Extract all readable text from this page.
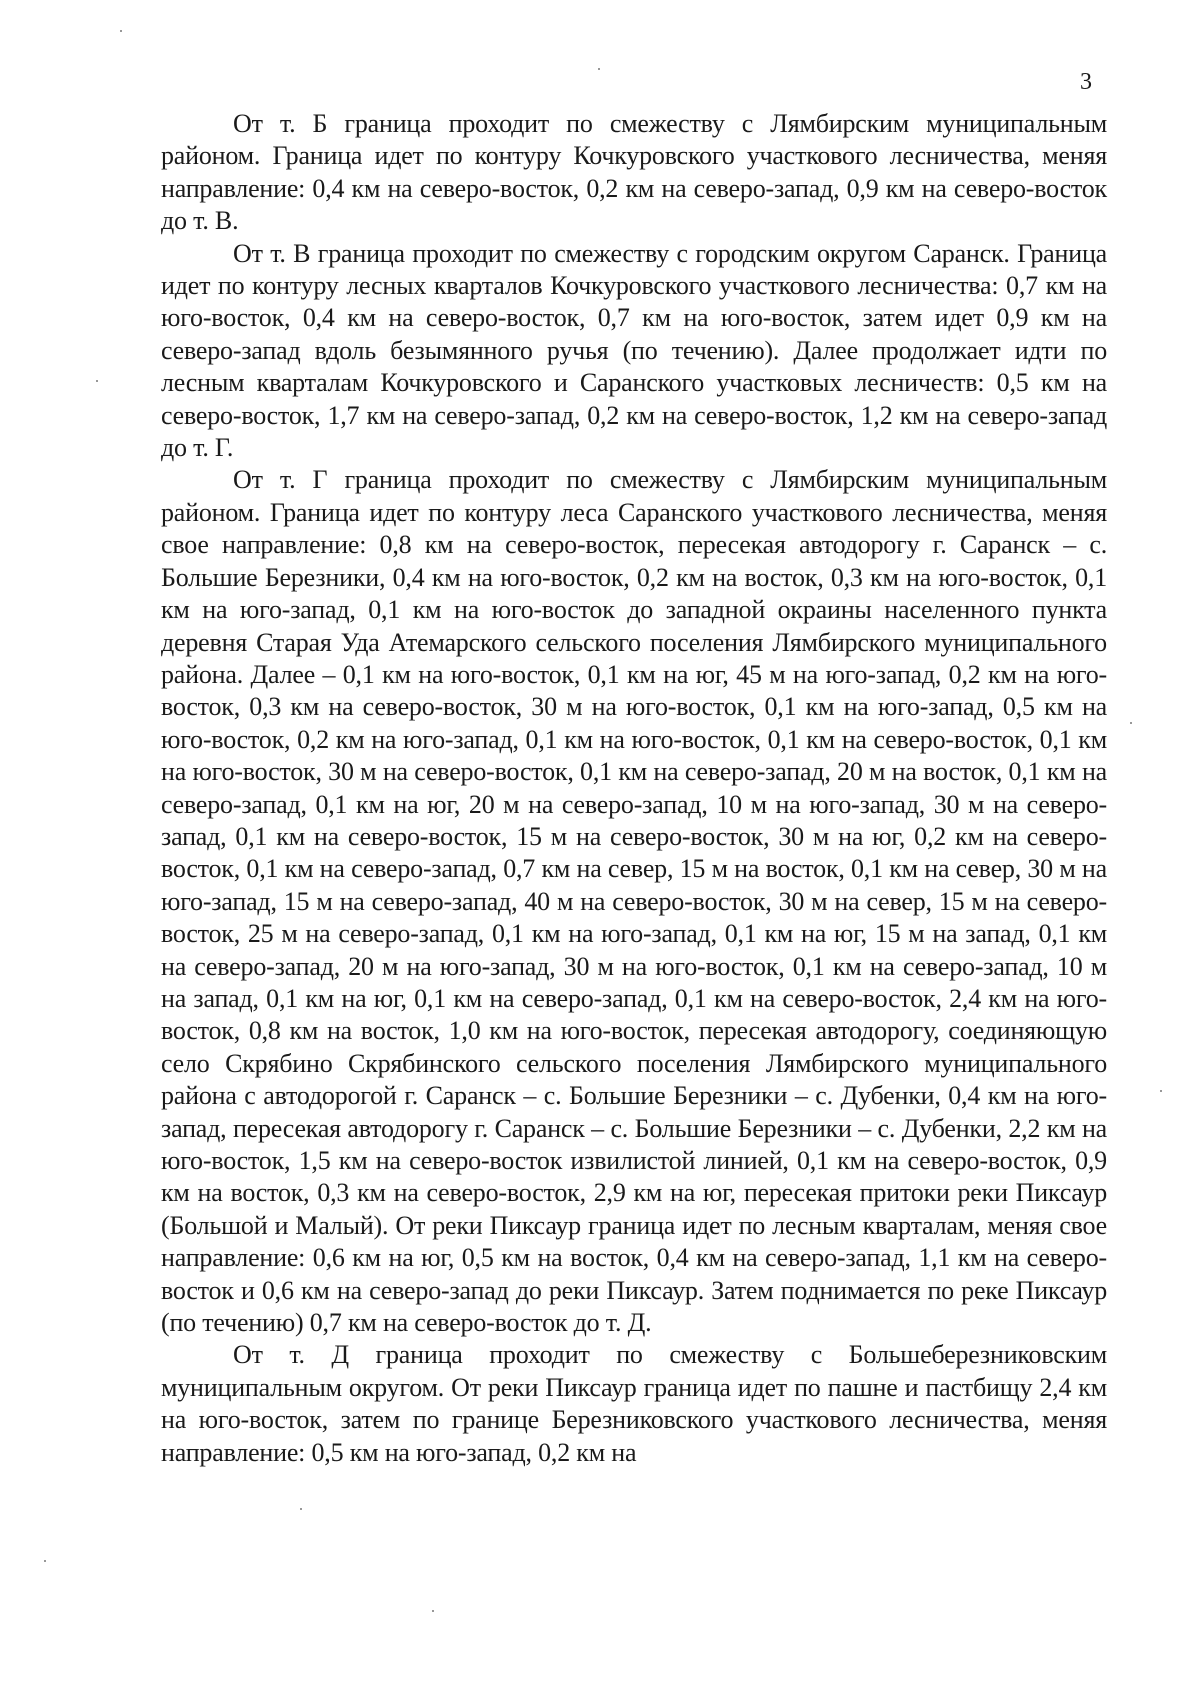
3

От т. Б граница проходит по смежеству с Лямбирским муниципальным районом. Граница идет по контуру Кочкуровского участкового лесничества, меняя направление: 0,4 км на северо-восток, 0,2 км на северо-запад, 0,9 км на северо-восток до т. В.

От т. В граница проходит по смежеству с городским округом Саранск. Граница идет по контуру лесных кварталов Кочкуровского участкового лесничества: 0,7 км на юго-восток, 0,4 км на северо-восток, 0,7 км на юго-восток, затем идет 0,9 км на северо-запад вдоль безымянного ручья (по течению). Далее продолжает идти по лесным кварталам Кочкуровского и Саранского участковых лесничеств: 0,5 км на северо-восток, 1,7 км на северо-запад, 0,2 км на северо-восток, 1,2 км на северо-запад до т. Г.

От т. Г граница проходит по смежеству с Лямбирским муниципальным районом. Граница идет по контуру леса Саранского участкового лесничества, меняя свое направление: 0,8 км на северо-восток, пересекая автодорогу г. Саранск – с. Большие Березники, 0,4 км на юго-восток, 0,2 км на восток, 0,3 км на юго-восток, 0,1 км на юго-запад, 0,1 км на юго-восток до западной окраины населенного пункта деревня Старая Уда Атемарского сельского поселения Лямбирского муниципального района. Далее – 0,1 км на юго-восток, 0,1 км на юг, 45 м на юго-запад, 0,2 км на юго-восток, 0,3 км на северо-восток, 30 м на юго-восток, 0,1 км на юго-запад, 0,5 км на юго-восток, 0,2 км на юго-запад, 0,1 км на юго-восток, 0,1 км на северо-восток, 0,1 км на юго-восток, 30 м на северо-восток, 0,1 км на северо-запад, 20 м на восток, 0,1 км на северо-запад, 0,1 км на юг, 20 м на северо-запад, 10 м на юго-запад, 30 м на северо-запад, 0,1 км на северо-восток, 15 м на северо-восток, 30 м на юг, 0,2 км на северо-восток, 0,1 км на северо-запад, 0,7 км на север, 15 м на восток, 0,1 км на север, 30 м на юго-запад, 15 м на северо-запад, 40 м на северо-восток, 30 м на север, 15 м на северо-восток, 25 м на северо-запад, 0,1 км на юго-запад, 0,1 км на юг, 15 м на запад, 0,1 км на северо-запад, 20 м на юго-запад, 30 м на юго-восток, 0,1 км на северо-запад, 10 м на запад, 0,1 км на юг, 0,1 км на северо-запад, 0,1 км на северо-восток, 2,4 км на юго-восток, 0,8 км на восток, 1,0 км на юго-восток, пересекая автодорогу, соединяющую село Скрябино Скрябинского сельского поселения Лямбирского муниципального района с автодорогой г. Саранск – с. Большие Березники – с. Дубенки, 0,4 км на юго-запад, пересекая автодорогу г. Саранск – с. Большие Березники – с. Дубенки, 2,2 км на юго-восток, 1,5 км на северо-восток извилистой линией, 0,1 км на северо-восток, 0,9 км на восток, 0,3 км на северо-восток, 2,9 км на юг, пересекая притоки реки Пиксаур (Большой и Малый). От реки Пиксаур граница идет по лесным кварталам, меняя свое направление: 0,6 км на юг, 0,5 км на восток, 0,4 км на северо-запад, 1,1 км на северо-восток и 0,6 км на северо-запад до реки Пиксаур. Затем поднимается по реке Пиксаур (по течению) 0,7 км на северо-восток до т. Д.

От т. Д граница проходит по смежеству с Большеберезниковским муниципальным округом. От реки Пиксаур граница идет по пашне и пастбищу 2,4 км на юго-восток, затем по границе Березниковского участкового лесничества, меняя направление: 0,5 км на юго-запад, 0,2 км на
